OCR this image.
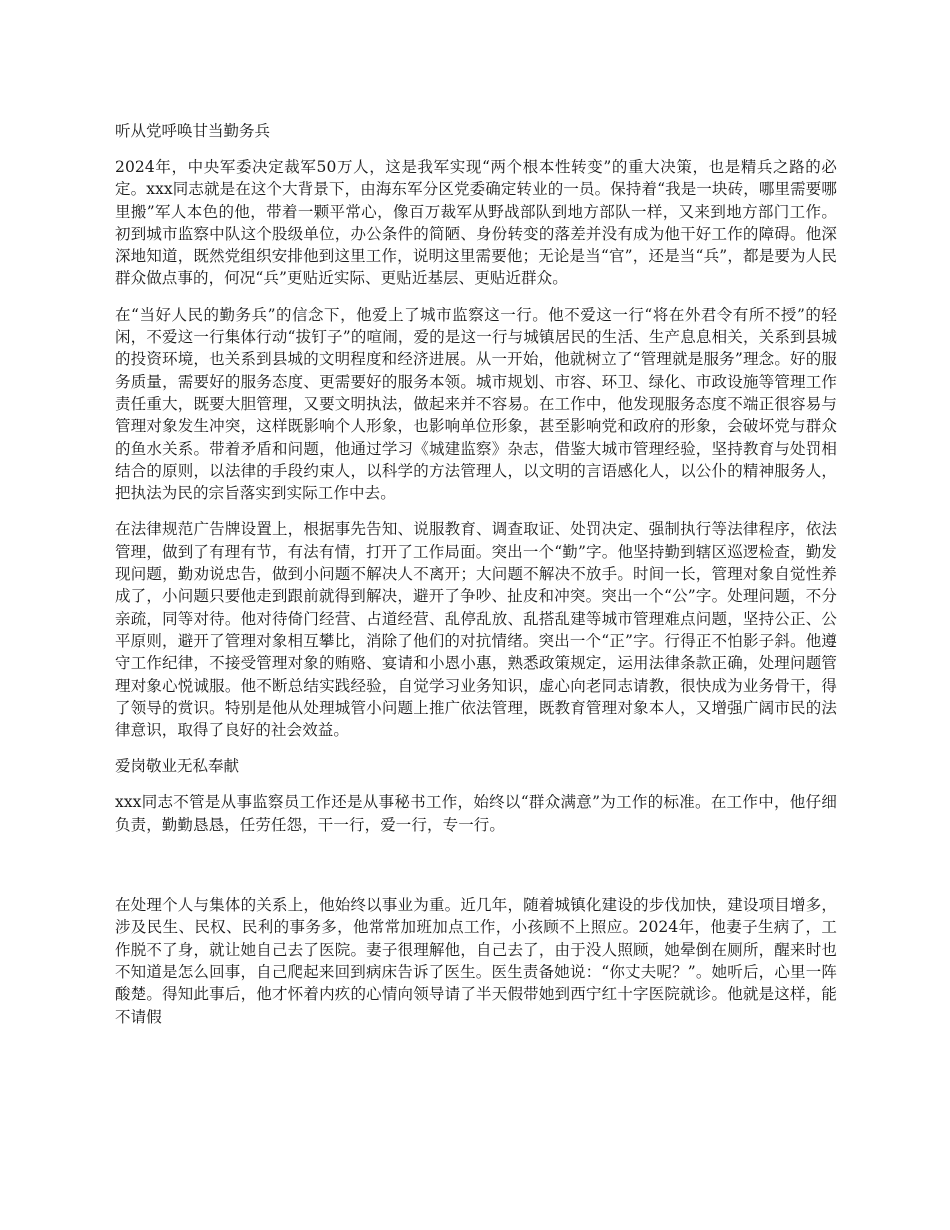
听从党呼唤甘当勤务兵

2024年，中央军委决定裁军50万人，这是我军实现“两个根本性转变”的重大决策，也是精兵之路的必定。xxx同志就是在这个大背景下，由海东军分区党委确定转业的一员。保持着“我是一块砖，哪里需要哪里搬”军人本色的他，带着一颗平常心，像百万裁军从野战部队到地方部队一样，又来到地方部门工作。初到城市监察中队这个股级单位，办公条件的简陋、身份转变的落差并没有成为他干好工作的障碍。他深深地知道，既然党组织安排他到这里工作，说明这里需要他；无论是当“官”，还是当“兵”，都是要为人民群众做点事的，何况“兵”更贴近实际、更贴近基层、更贴近群众。

在“当好人民的勤务兵”的信念下，他爱上了城市监察这一行。他不爱这一行“将在外君令有所不授”的轻闲，不爱这一行集体行动“拔钉子”的喧闹，爱的是这一行与城镇居民的生活、生产息息相关，关系到县城的投资环境，也关系到县城的文明程度和经济进展。从一开始，他就树立了“管理就是服务”理念。好的服务质量，需要好的服务态度、更需要好的服务本领。城市规划、市容、环卫、绿化、市政设施等管理工作责任重大，既要大胆管理，又要文明执法，做起来并不容易。在工作中，他发现服务态度不端正很容易与管理对象发生冲突，这样既影响个人形象，也影响单位形象，甚至影响党和政府的形象，会破坏党与群众的鱼水关系。带着矛盾和问题，他通过学习《城建监察》杂志，借鉴大城市管理经验，坚持教育与处罚相结合的原则，以法律的手段约束人，以科学的方法管理人，以文明的言语感化人，以公仆的精神服务人，把执法为民的宗旨落实到实际工作中去。

在法律规范广告牌设置上，根据事先告知、说服教育、调查取证、处罚决定、强制执行等法律程序，依法管理，做到了有理有节，有法有情，打开了工作局面。突出一个“勤”字。他坚持勤到辖区巡逻检查，勤发现问题，勤劝说忠告，做到小问题不解决人不离开；大问题不解决不放手。时间一长，管理对象自觉性养成了，小问题只要他走到跟前就得到解决，避开了争吵、扯皮和冲突。突出一个“公”字。处理问题，不分亲疏，同等对待。他对待倚门经营、占道经营、乱停乱放、乱搭乱建等城市管理难点问题，坚持公正、公平原则，避开了管理对象相互攀比，消除了他们的对抗情绪。突出一个“正”字。行得正不怕影子斜。他遵守工作纪律，不接受管理对象的贿赂、宴请和小恩小惠，熟悉政策规定，运用法律条款正确，处理问题管理对象心悦诚服。他不断总结实践经验，自觉学习业务知识，虚心向老同志请教，很快成为业务骨干，得了领导的赏识。特别是他从处理城管小问题上推广依法管理，既教育管理对象本人，又增强广阔市民的法律意识，取得了良好的社会效益。

爱岗敬业无私奉献

xxx同志不管是从事监察员工作还是从事秘书工作，始终以“群众满意”为工作的标准。在工作中，他仔细负责，勤勤恳恳，任劳任怨，干一行，爱一行，专一行。

在处理个人与集体的关系上，他始终以事业为重。近几年，随着城镇化建设的步伐加快，建设项目增多，涉及民生、民权、民利的事务多，他常常加班加点工作，小孩顾不上照应。2024年，他妻子生病了，工作脱不了身，就让她自己去了医院。妻子很理解他，自己去了，由于没人照顾，她晕倒在厕所，醒来时也不知道是怎么回事，自己爬起来回到病床告诉了医生。医生责备她说：“你丈夫呢？”。她听后，心里一阵酸楚。得知此事后，他才怀着内疚的心情向领导请了半天假带她到西宁红十字医院就诊。他就是这样，能不请假
